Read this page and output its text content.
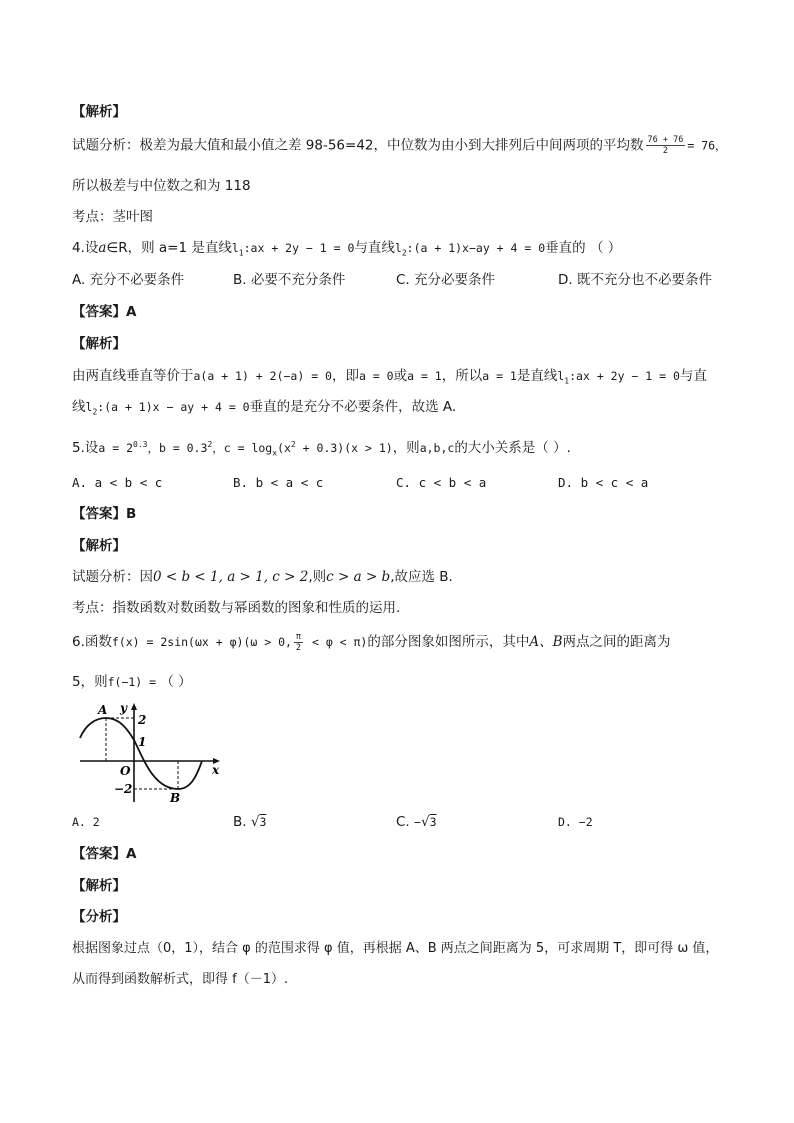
【解析】
试题分析：极差为最大值和最小值之差 98-56=42，中位数为由小到大排列后中间两项的平均数 $\frac{76 + 76}{2} = 76$，
所以极差与中位数之和为 118
考点：茎叶图
4.设a∈R，则 a=1 是直线$l_1:ax + 2y - 1 = 0$与直线$l_2:(a + 1)x-ay + 4 = 0$垂直的 （ ）
A. 充分不必要条件	B. 必要不充分条件	C. 充分必要条件	D. 既不充分也不必要条件
【答案】A
【解析】
由两直线垂直等价于a(a + 1) + 2(−a) = 0，即a = 0或a = 1，所以a = 1是直线$l_1:ax + 2y - 1 = 0$与直
线$l_2:(a + 1)x$ − ay + 4 = 0垂直的是充分不必要条件，故选 A.
5.设$a = 2^{0.3}$，$b = 0.3^2$，$c = \log_x(x^2 + 0.3)(x > 1)$，则a,b,c的大小关系是（ ）.
A. a < b < c	B. b < a < c	C. c < b < a	D. b < c < a
【答案】B
【解析】
试题分析：因0 < b < 1, a > 1, c > 2,则c > a > b,故应选 B.
考点：指数函数对数函数与幂函数的图象和性质的运用.
6.函数f(x) = 2sin(ωx + φ)(ω > 0, $\frac{\pi}{2} < \varphi < \pi$)的部分图象如图所示，其中A、B两点之间的距离为
5，则f(−1) = （ ）
A
B
O	x
y
2
1
−2
A. 2	B. √3	C. −√3	D. −2
【答案】A
【解析】
【分析】
根据图象过点（0，1），结合 φ 的范围求得 φ 值，再根据 A、B 两点之间距离为 5，可求周期 T，即可得 ω 值，
从而得到函数解析式，即得 f（－1）.
